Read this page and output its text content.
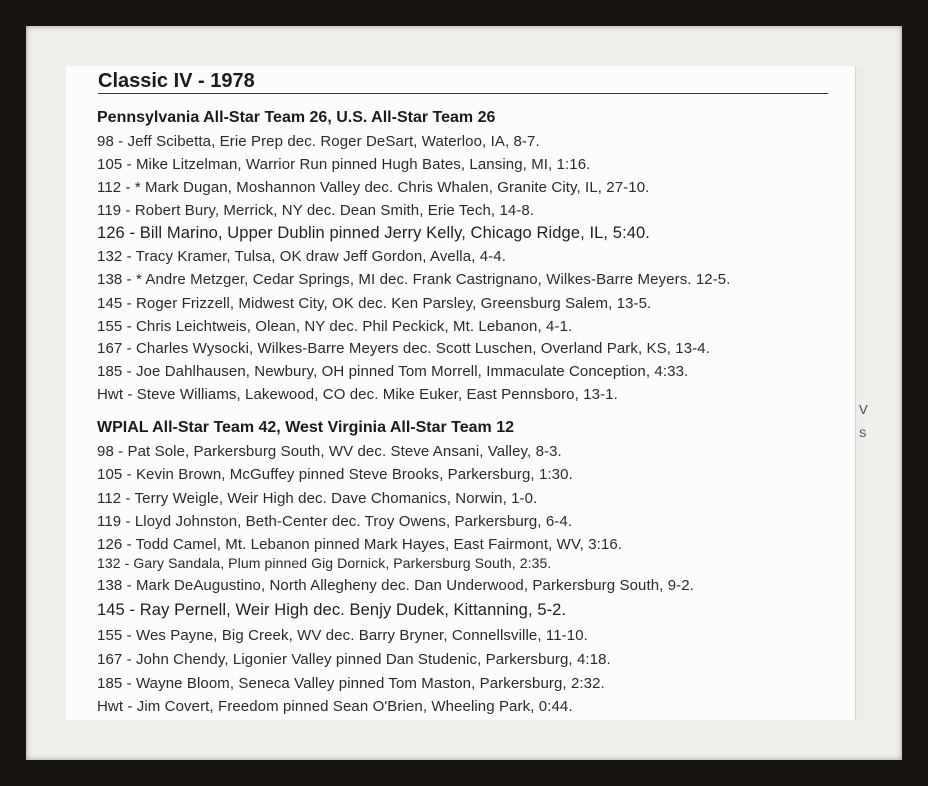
Classic IV - 1978
Pennsylvania All-Star Team 26, U.S. All-Star Team 26
98 - Jeff Scibetta, Erie Prep dec. Roger DeSart, Waterloo, IA, 8-7.
105 - Mike Litzelman, Warrior Run pinned Hugh Bates, Lansing, MI, 1:16.
112 - * Mark Dugan, Moshannon Valley dec. Chris Whalen, Granite City, IL, 27-10.
119 - Robert Bury, Merrick, NY dec. Dean Smith, Erie Tech, 14-8.
126 - Bill Marino, Upper Dublin pinned Jerry Kelly, Chicago Ridge, IL, 5:40.
132 - Tracy Kramer, Tulsa, OK draw Jeff Gordon, Avella, 4-4.
138 - * Andre Metzger, Cedar Springs, MI dec. Frank Castrignano, Wilkes-Barre Meyers. 12-5.
145 - Roger Frizzell, Midwest City, OK dec. Ken Parsley, Greensburg Salem, 13-5.
155 - Chris Leichtweis, Olean, NY dec. Phil Peckick, Mt. Lebanon, 4-1.
167 - Charles Wysocki, Wilkes-Barre Meyers dec. Scott Luschen, Overland Park, KS, 13-4.
185 - Joe Dahlhausen, Newbury, OH pinned Tom Morrell, Immaculate Conception, 4:33.
Hwt - Steve Williams, Lakewood, CO dec. Mike Euker, East Pennsboro, 13-1.
WPIAL All-Star Team 42, West Virginia All-Star Team 12
98 - Pat Sole, Parkersburg South, WV dec. Steve Ansani, Valley, 8-3.
105 - Kevin Brown, McGuffey pinned Steve Brooks, Parkersburg, 1:30.
112 - Terry Weigle, Weir High dec. Dave Chomanics, Norwin, 1-0.
119 - Lloyd Johnston, Beth-Center dec. Troy Owens, Parkersburg, 6-4.
126 - Todd Camel, Mt. Lebanon pinned Mark Hayes, East Fairmont, WV, 3:16.
132 - Gary Sandala, Plum pinned Gig Dornick, Parkersburg South, 2:35.
138 - Mark DeAugustino, North Allegheny dec. Dan Underwood, Parkersburg South, 9-2.
145 - Ray Pernell, Weir High dec. Benjy Dudek, Kittanning, 5-2.
155 - Wes Payne, Big Creek, WV dec. Barry Bryner, Connellsville, 11-10.
167 - John Chendy, Ligonier Valley pinned Dan Studenic, Parkersburg, 4:18.
185 - Wayne Bloom, Seneca Valley pinned Tom Maston, Parkersburg, 2:32.
Hwt - Jim Covert, Freedom pinned Sean O'Brien, Wheeling Park, 0:44.
V
S
